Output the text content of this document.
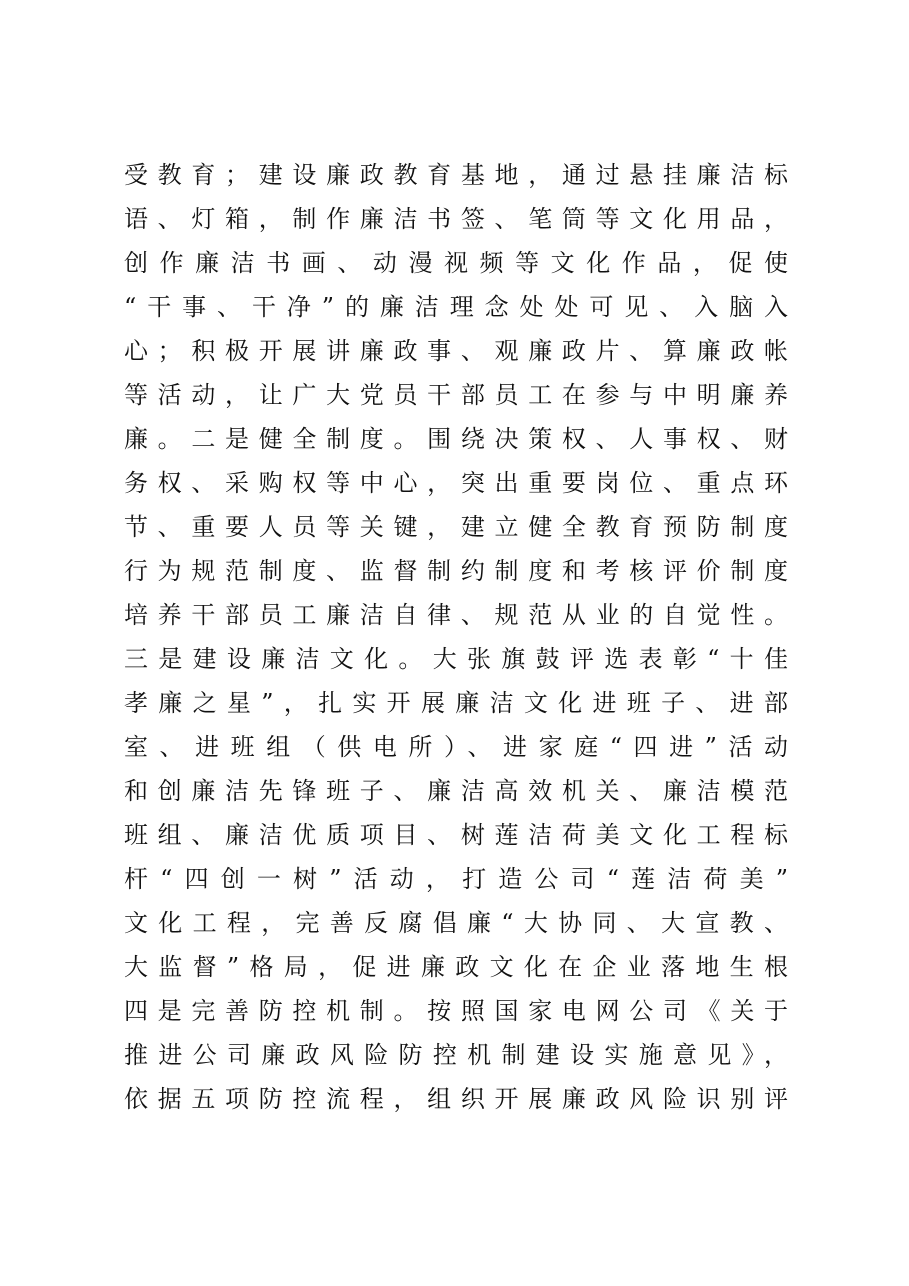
受教育；建设廉政教育基地，通过悬挂廉洁标
语、灯箱，制作廉洁书签、笔筒等文化用品，
创作廉洁书画、动漫视频等文化作品，促使
“干事、干净”的廉洁理念处处可见、入脑入
心；积极开展讲廉政事、观廉政片、算廉政帐
等活动，让广大党员干部员工在参与中明廉养
廉。二是健全制度。围绕决策权、人事权、财
务权、采购权等中心，突出重要岗位、重点环
节、重要人员等关键，建立健全教育预防制度
行为规范制度、监督制约制度和考核评价制度
培养干部员工廉洁自律、规范从业的自觉性。
三是建设廉洁文化。大张旗鼓评选表彰“十佳
孝廉之星”，扎实开展廉洁文化进班子、进部
室、进班组（供电所）、进家庭“四进”活动
和创廉洁先锋班子、廉洁高效机关、廉洁模范
班组、廉洁优质项目、树莲洁荷美文化工程标
杆“四创一树”活动，打造公司“莲洁荷美”
文化工程，完善反腐倡廉“大协同、大宣教、
大监督”格局，促进廉政文化在企业落地生根
四是完善防控机制。按照国家电网公司《关于
推进公司廉政风险防控机制建设实施意见》，
依据五项防控流程，组织开展廉政风险识别评
